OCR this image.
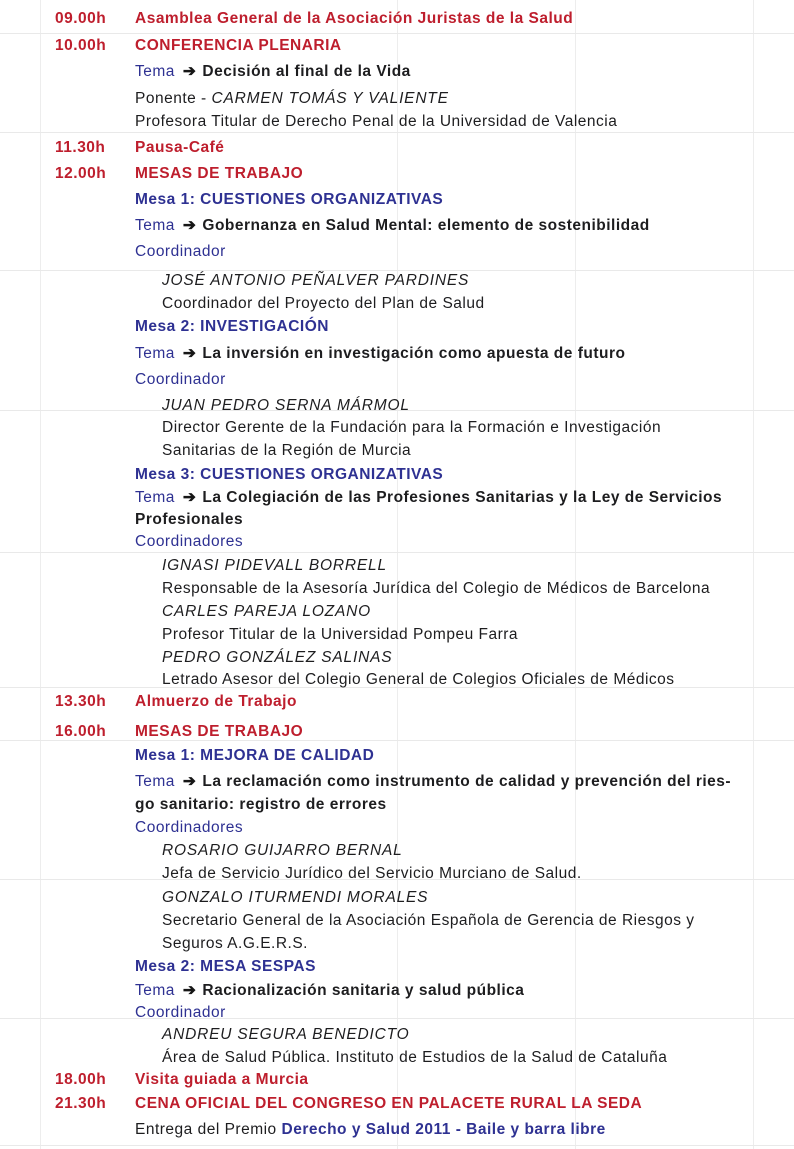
09.00h Asamblea General de la Asociación Juristas de la Salud
10.00h CONFERENCIA PLENARIA
Tema ➔ Decisión al final de la Vida
Ponente - CARMEN TOMÁS Y VALIENTE
Profesora Titular de Derecho Penal de la Universidad de Valencia
11.30h Pausa-Café
12.00h MESAS DE TRABAJO
Mesa 1: CUESTIONES ORGANIZATIVAS
Tema ➔ Gobernanza en Salud Mental: elemento de sostenibilidad
Coordinador
JOSÉ ANTONIO PEÑALVER PARDINES
Coordinador del Proyecto del Plan de Salud
Mesa 2: INVESTIGACIÓN
Tema ➔ La inversión en investigación como apuesta de futuro
Coordinador
JUAN PEDRO SERNA MÁRMOL
Director Gerente de la Fundación para la Formación e Investigación
Sanitarias de la Región de Murcia
Mesa 3: CUESTIONES ORGANIZATIVAS
Tema ➔ La Colegiación de las Profesiones Sanitarias y la Ley de Servicios
Profesionales
Coordinadores
IGNASI PIDEVALL BORRELL
Responsable de la Asesoría Jurídica del Colegio de Médicos de Barcelona
CARLES PAREJA LOZANO
Profesor Titular de la Universidad Pompeu Farra
PEDRO GONZÁLEZ SALINAS
Letrado Asesor del Colegio General de Colegios Oficiales de Médicos
13.30h Almuerzo de Trabajo
16.00h MESAS DE TRABAJO
Mesa 1: MEJORA DE CALIDAD
Tema ➔ La reclamación como instrumento de calidad y prevención del ries-
go sanitario: registro de errores
Coordinadores
ROSARIO GUIJARRO BERNAL
Jefa de Servicio Jurídico del Servicio Murciano de Salud.
GONZALO ITURMENDI MORALES
Secretario General de la Asociación Española de Gerencia de Riesgos y
Seguros A.G.E.R.S.
Mesa 2: MESA SESPAS
Tema ➔ Racionalización sanitaria y salud pública
Coordinador
ANDREU SEGURA BENEDICTO
Área de Salud Pública. Instituto de Estudios de la Salud de Cataluña
18.00h Visita guiada a Murcia
21.30h CENA OFICIAL DEL CONGRESO EN PALACETE RURAL LA SEDA
Entrega del Premio Derecho y Salud 2011 - Baile y barra libre
